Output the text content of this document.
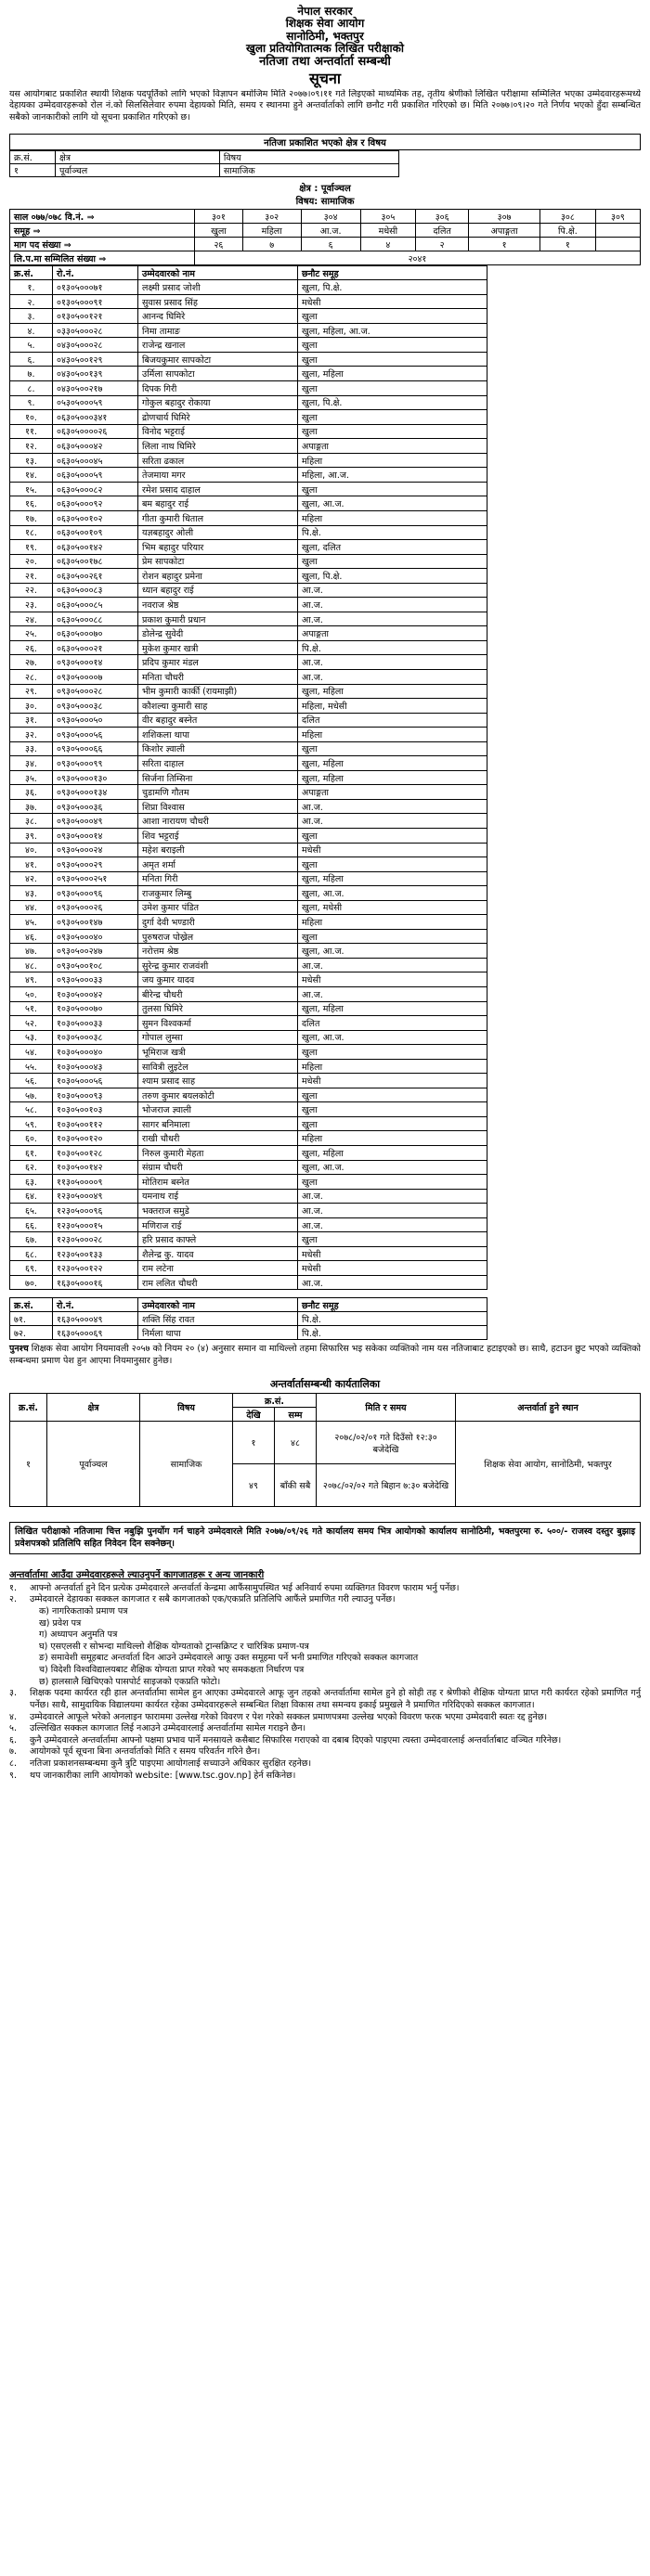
नेपाल सरकार
शिक्षक सेवा आयोग
सानोठिमी, भक्तपुर
खुला प्रतियोगितात्मक लिखित परीक्षाको
नतिजा तथा अन्तर्वार्ता सम्बन्धी
सूचना
यस आयोगबाट प्रकाशित स्थायी शिक्षक पदपूर्तिको लागि भएको विज्ञापन बमोजिम मिति २०७७।०९।११ गते लिइएको माध्यमिक तह, तृतीय श्रेणीको लिखित परीक्षामा सम्मिलित भएका उम्मेदवारहरूमध्ये देहायका उम्मेदवारहरूको रोल नं.को सिलसिलेवार रुपमा देहायको मिति, समय र स्थानमा हुने अन्तर्वार्ताको लागि छनौट गरी प्रकाशित गरिएको छ। मिति २०७७।०९।२० गते निर्णय भएको हुँदा सम्बन्धित सबैको जानकारीको लागि यो सूचना प्रकाशित गरिएको छ।
नतिजा प्रकाशित भएको क्षेत्र र विषय
क्र.सं.	क्षेत्र	विषय
१	पूर्वाञ्चल	सामाजिक
क्षेत्र : पूर्वाञ्चल
विषय: सामाजिक
साल ०७७/०७८ वि.नं. ⇒	३०१	३०२	३०४	३०५	३०६	३०७	३०८	३०९
समूह ⇒	खुला	महिला	आ.ज.	मधेसी	दलित	अपाङ्गता	पि.क्षे.	
माग पद संख्या ⇒	२६	७	६	४	२	१	१	
लि.प.मा सम्मिलित संख्या ⇒	२०४१							
क्र.सं.	रो.नं.	उम्मेदवारको नाम	छनौट समूह
१.	०१३०५०००७१	लक्ष्मी प्रसाद जोशी	खुला, पि.क्षे.
२.	०१३०५०००९१	सुवास प्रसाद सिंह	मधेसी
३.	०१३०५००१२१	आनन्द घिमिरे	खुला
४.	०३३०५०००२८	निमा तामाङ	खुला, महिला, आ.ज.
५.	०४३०५०००२८	राजेन्द्र खनाल	खुला
६.	०४३०५००१२९	बिजयकुमार सापकोटा	खुला
७.	०४३०५००१३९	उर्मिला सापकोटा	खुला, महिला
८.	०४३०५००२१७	दिपक गिरी	खुला
९.	०५३०५०००५९	गोकुल बहादुर रोकाया	खुला, पि.क्षे.
१०.	०६३०५०००३४१	द्रोणचार्य घिमिरे	खुला
११.	०६३०५००००२६	विनोद भट्टराई	खुला
१२.	०६३०५०००४२	लिला नाथ घिमिरे	अपाङ्गता
१३.	०६३०५०००४५	सरिता ढकाल	महिला
१४.	०६३०५०००५९	तेजमाया मगर	महिला, आ.ज.
१५.	०६३०५०००८२	रमेश प्रसाद दाहाल	खुला
१६.	०६३०५०००९२	बम बहादुर राई	खुला, आ.ज.
१७.	०६३०५००१०२	गीता कुमारी धिताल	महिला
१८.	०६३०५००१०९	यज्ञबहादुर ओली	पि.क्षे.
१९.	०६३०५००१४२	भिम बहादुर परियार	खुला, दलित
२०.	०६३०५००१७८	प्रेम सापकोटा	खुला
२१.	०६३०५००२६१	रोशन बहादुर प्रमेना	खुला, पि.क्षे.
२२.	०६३०५०००८३	ध्यान बहादुर राई	आ.ज.
२३.	०६३०५०००८५	नवराज श्रेष्ठ	आ.ज.
२४.	०६३०५०००८८	प्रकाश कुमारी प्रधान	आ.ज.
२५.	०६३०५०००७०	डोलेन्द्र सुवेदी	अपाङ्गता
२६.	०६३०५०००२१	मुकेश कुमार खत्री	पि.क्षे.
२७.	०९३०५०००१४	प्रदिप कुमार मंडल	आ.ज.
२८.	०९३०५००००७	मनिता चौधरी	आ.ज.
२९.	०९३०५०००२८	भीम कुमारी कार्की (रायमाझी)	खुला, महिला
३०.	०९३०५०००३८	कौशल्या कुमारी साह	महिला, मधेसी
३१.	०९३०५०००५०	वीर बहादुर बस्नेत	दलित
३२.	०९३०५०००५६	शशिकला थापा	महिला
३३.	०९३०५०००६६	किशोर ज्ञ्वाली	खुला
३४.	०९३०५०००९९	सरिता दाहाल	खुला, महिला
३५.	०९३०५०००१३०	सिर्जना तिम्सिना	खुला, महिला
३६.	०९३०५०००१३४	चुडामणि गौतम	अपाङ्गता
३७.	०९३०५०००३६	शिप्रा विश्वास	आ.ज.
३८.	०९३०५०००४९	आशा नारायण चौधरी	आ.ज.
३९.	०९३०५०००१४	शिव भट्टराई	खुला
४०.	०९३०५०००२४	महेश बराइली	मधेसी
४१.	०९३०५०००२९	अमृत शर्मा	खुला
४२.	०९३०५०००२५१	मनिता गिरी	खुला, महिला
४३.	०९३०५०००९६	राजकुमार लिम्बु	खुला, आ.ज.
४४.	०९३०५०००२६	उमेश कुमार पंडित	खुला, मधेसी
४५.	०९३०५००१४७	दुर्गा देवी भण्डारी	महिला
४६.	०९३०५०००४०	पुरुषराज पोख्रेल	खुला
४७.	०९३०५००२४७	नरोत्तम श्रेष्ठ	खुला, आ.ज.
४८.	०९३०५००१०८	सुरेन्द्र कुमार राजवंशी	आ.ज.
४९.	०९३०५०००३३	जय कुमार यादव	मधेसी
५०.	१०३०५०००४२	बीरेन्द्र चौधरी	आ.ज.
५१.	१०३०५०००७०	तुलसा घिमिरे	खुला, महिला
५२.	१०३०५०००३३	सुमन विश्वकर्मा	दलित
५३.	१०३०५०००३८	गोपाल लुम्सा	खुला, आ.ज.
५४.	१०३०५०००४०	भूमिराज खत्री	खुला
५५.	१०३०५०००४३	सावित्री लुइटेल	महिला
५६.	१०३०५०००५६	श्याम प्रसाद साह	मधेसी
५७.	१०३०५०००९३	तरुण कुमार बयलकोटी	खुला
५८.	१०३०५००१०३	भोजराज ज्ञ्वाली	खुला
५९.	१०३०५००११२	सागर बनिमाला	खुला
६०.	१०३०५००१२०	राखी चौधरी	महिला
६१.	१०३०५००१२८	निरुल कुमारी मेहता	खुला, महिला
६२.	१०३०५००१४२	संग्राम चौधरी	खुला, आ.ज.
६३.	११३०५००००९	मोतिराम बस्नेत	खुला
६४.	१२३०५०००४९	यमनाथ राई	आ.ज.
६५.	१२३०५०००९६	भक्तराज समुडे	आ.ज.
६६.	१२३०५०००१५	मणिराज राई	आ.ज.
६७.	१२३०५०००२८	हरि प्रसाद काफ्ले	खुला
६८.	१२३०५००१३३	शैलेन्द्र कु. यादव	मधेसी
६९.	१२३०५००१२२	राम लटेना	मधेसी
७०.	१६३०५०००१६	राम ललित चौधरी	आ.ज.
क्र.सं.	रो.नं.	उम्मेदवारको नाम	छनौट समूह
७१.	१६३०५०००४९	शक्ति सिंह रावत	पि.क्षे.
७२.	१६३०५०००६९	निर्मला थापा	पि.क्षे.
पुनश्च शिक्षक सेवा आयोग नियमावली २०५७ को नियम २० (४) अनुसार समान वा माथिल्लो तहमा सिफारिस भइ सकेका व्यक्तिको नाम यस नतिजाबाट हटाइएको छ। साथै, हटाउन छुट भएको व्यक्तिको सम्बन्धमा प्रमाण पेश हुन आएमा नियमानुसार हुनेछ।
अन्तर्वार्तासम्बन्धी कार्यतालिका
क्र.सं.	क्षेत्र	विषय	क्र.सं.		मिति र समय	अन्तर्वार्ता हुने स्थान
			देखि	सम्म		
१	पूर्वाञ्चल	सामाजिक	१	४८	२०७८/०२/०१ गते दिउँसो १२:३० बजेदेखि	शिक्षक सेवा आयोग, सानोठिमी, भक्तपुर
			४९	बाँकी सबै	२०७८/०२/०२ गते बिहान ७:३० बजेदेखि	
लिखित परीक्षाको नतिजामा चित्त नबुझि पुनर्योग गर्न चाहने उम्मेदवारले मिति २०७७/०९/२६ गते कार्यालय समय भित्र आयोगको कार्यालय सानोठिमी, भक्तपुरमा रु. ५००/- राजस्व दस्तुर बुझाइ प्रवेशपत्रको प्रतिलिपि सहित निवेदन दिन सक्नेछन्।
अन्तर्वार्तामा आउँदा उम्मेदवारहरूले ल्याउनुपर्ने कागजातहरू र अन्य जानकारी
१.	आफ्नो अन्तर्वार्ता हुने दिन प्रत्येक उम्मेदवारले अन्तर्वार्ता केन्द्रमा आफैंसामुपस्थित भई अनिवार्य रुपमा व्यक्तिगत विवरण फाराम भर्नु पर्नेछ।
२.	उम्मेदवारले देहायका सक्कल कागजात र सबै कागजातको एक/एकप्रति प्रतिलिपि आफैंले प्रमाणित गरी ल्याउनु पर्नेछ।
क) नागरिकताको प्रमाण पत्र
ख) प्रवेश पत्र
ग) अध्यापन अनुमति पत्र
घ) एसएलसी र सोभन्दा माथिल्लो शैक्षिक योग्यताको ट्रान्सक्रिप्ट र चारित्रिक प्रमाण-पत्र
ङ) समावेशी समूहबाट अन्तर्वार्ता दिन आउने उम्मेदवारले आफू उक्त समूहमा पर्ने भनी प्रमाणित गरिएको सक्कल कागजात
च) विदेशी विश्वविद्यालयबाट शैक्षिक योग्यता प्राप्त गरेको भए समकक्षता निर्धारण पत्र
छ) हालसालै खिचिएको पासपोर्ट साइजको एकप्रति फोटो।
३.	शिक्षक पदमा कार्यरत रही हाल अन्तर्वार्तामा सामेल हुन आएका उम्मेदवारले आफू जुन तहको अन्तर्वार्तामा सामेल हुने हो सोही तह र श्रेणीको शैक्षिक योग्यता प्राप्त गरी कार्यरत रहेको प्रमाणित गर्नु पर्नेछ। साथै, सामुदायिक विद्यालयमा कार्यरत रहेका उम्मेदवारहरूले सम्बन्धित शिक्षा विकास तथा समन्वय इकाई प्रमुखले नै प्रमाणित गरिदिएको सक्कल कागजात।
४.	उम्मेदवारले आफूले भरेको अनलाइन फाराममा उल्लेख गरेको विवरण र पेश गरेको सक्कल प्रमाणपत्रमा उल्लेख भएको विवरण फरक भएमा उम्मेदवारी स्वतः रद्द हुनेछ।
५.	उल्लिखित सक्कल कागजात लिई नआउने उम्मेदवारलाई अन्तर्वार्तामा सामेल गराइने छैन।
६.	कुनै उम्मेदवारले अन्तर्वार्तामा आफ्नो पक्षमा प्रभाव पार्ने मनसायले कसैबाट सिफारिस गराएको वा दबाब दिएको पाइएमा त्यस्ता उम्मेदवारलाई अन्तर्वार्ताबाट वञ्चित गरिनेछ।
७.	आयोगको पूर्व सूचना बिना अन्तर्वार्ताको मिति र समय परिवर्तन गरिने छैन।
८.	नतिजा प्रकाशनसम्बन्धमा कुनै त्रुटि पाइएमा आयोगलाई सच्याउने अधिकार सुरक्षित रहनेछ।
९.	थप जानकारीका लागि आयोगको website: [www.tsc.gov.np] हेर्न सकिनेछ।
